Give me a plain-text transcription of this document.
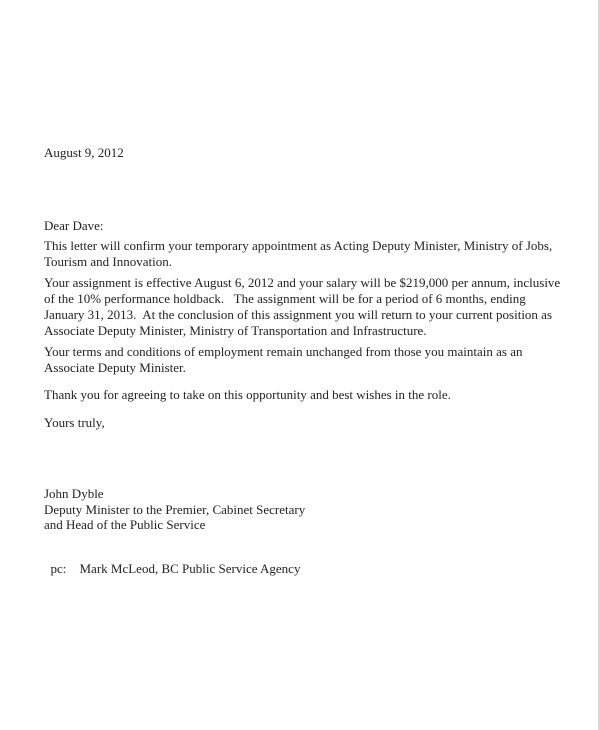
August 9, 2012
Dear Dave:
This letter will confirm your temporary appointment as Acting Deputy Minister, Ministry of Jobs,
Tourism and Innovation.
Your assignment is effective August 6, 2012 and your salary will be $219,000 per annum, inclusive
of the 10% performance holdback.   The assignment will be for a period of 6 months, ending
January 31, 2013.  At the conclusion of this assignment you will return to your current position as
Associate Deputy Minister, Ministry of Transportation and Infrastructure.
Your terms and conditions of employment remain unchanged from those you maintain as an
Associate Deputy Minister.
Thank you for agreeing to take on this opportunity and best wishes in the role.
Yours truly,
John Dyble
Deputy Minister to the Premier, Cabinet Secretary
and Head of the Public Service

pc: Mark McLeod, BC Public Service Agency
